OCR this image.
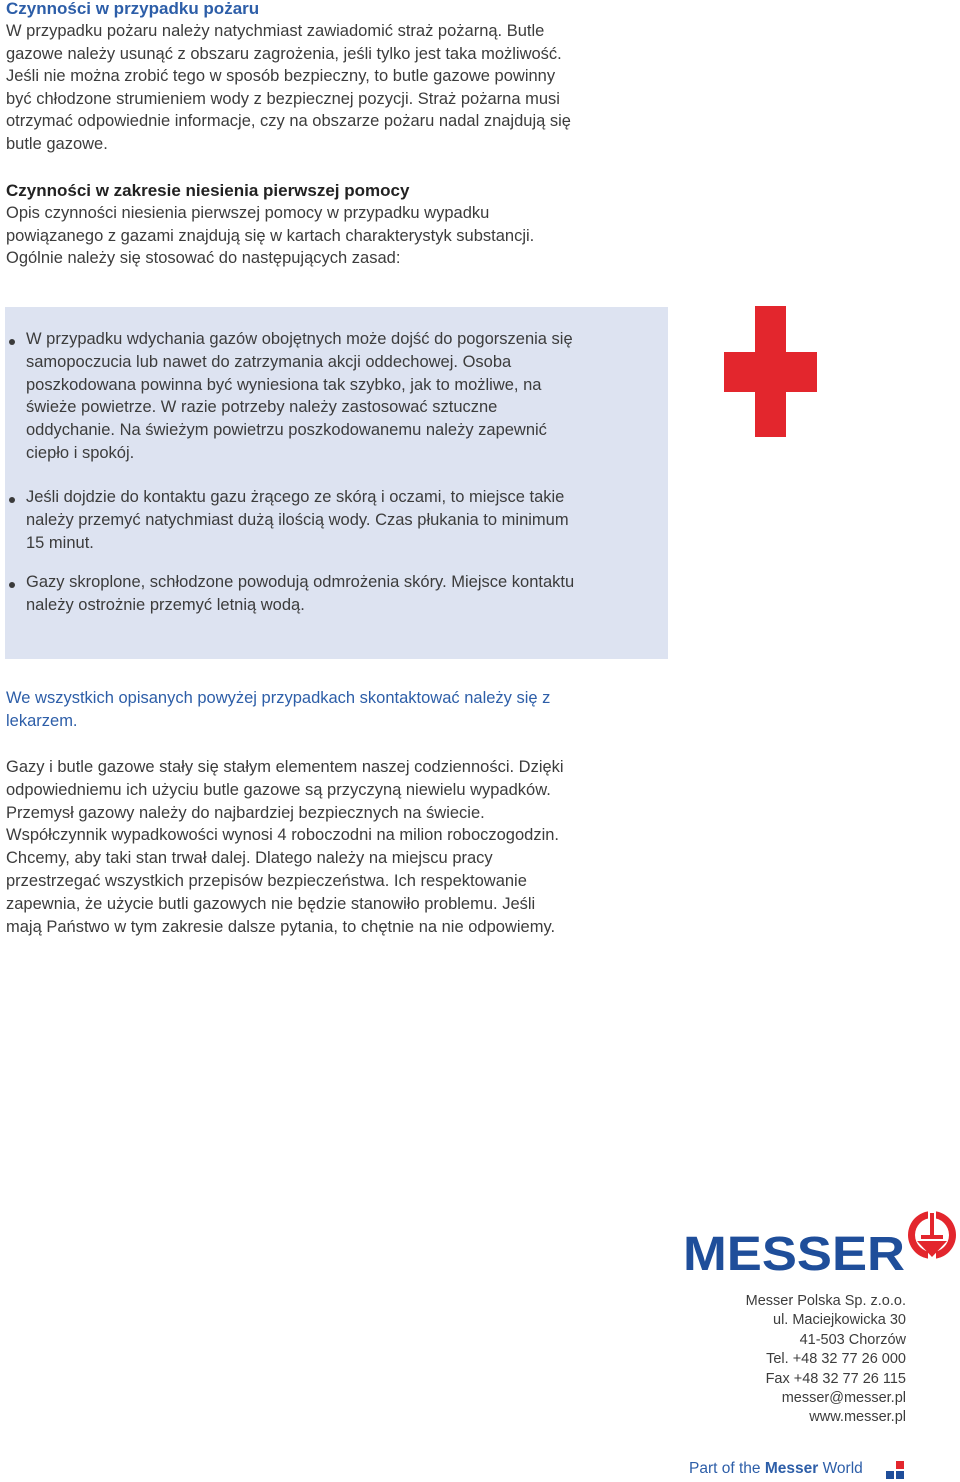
Czynności w przypadku pożaru
W przypadku pożaru należy natychmiast zawiadomić straż pożarną. Butle
gazowe należy usunąć z obszaru zagrożenia, jeśli tylko jest taka możliwość.
Jeśli nie można zrobić tego w sposób bezpieczny, to butle gazowe powinny
być chłodzone strumieniem wody z bezpiecznej pozycji. Straż pożarna musi
otrzymać odpowiednie informacje, czy na obszarze pożaru nadal znajdują się
butle gazowe.
Czynności w zakresie niesienia pierwszej pomocy
Opis czynności niesienia pierwszej pomocy w przypadku wypadku
powiązanego z gazami znajdują się w kartach charakterystyk substancji.
Ogólnie należy się stosować do następujących zasad:
W przypadku wdychania gazów obojętnych może dojść do pogorszenia się
samopoczucia lub nawet do zatrzymania akcji oddechowej. Osoba
poszkodowana powinna być wyniesiona tak szybko, jak to możliwe, na
świeże powietrze. W razie potrzeby należy zastosować sztuczne
oddychanie. Na świeżym powietrzu poszkodowanemu należy zapewnić
ciepło i spokój.
Jeśli dojdzie do kontaktu gazu żrącego ze skórą i oczami, to miejsce takie
należy przemyć natychmiast dużą ilością wody. Czas płukania to minimum
15 minut.
Gazy skroplone, schłodzone powodują odmrożenia skóry. Miejsce kontaktu
należy ostrożnie przemyć letnią wodą.
We wszystkich opisanych powyżej przypadkach skontaktować należy się z
lekarzem.
Gazy i butle gazowe stały się stałym elementem naszej codzienności. Dzięki
odpowiedniemu ich użyciu butle gazowe są przyczyną niewielu wypadków.
Przemysł gazowy należy do najbardziej bezpiecznych na świecie.
Współczynnik wypadkowości wynosi 4 roboczodni na milion roboczogodzin.
Chcemy, aby taki stan trwał dalej. Dlatego należy na miejscu pracy
przestrzegać wszystkich przepisów bezpieczeństwa. Ich respektowanie
zapewnia, że użycie butli gazowych nie będzie stanowiło problemu. Jeśli
mają Państwo w tym zakresie dalsze pytania, to chętnie na nie odpowiemy.
MESSER
Messer Polska Sp. z.o.o.
ul. Maciejkowicka 30
41-503 Chorzów
Tel. +48 32 77 26 000
Fax +48 32 77 26 115
messer@messer.pl
www.messer.pl
Part of the Messer World
